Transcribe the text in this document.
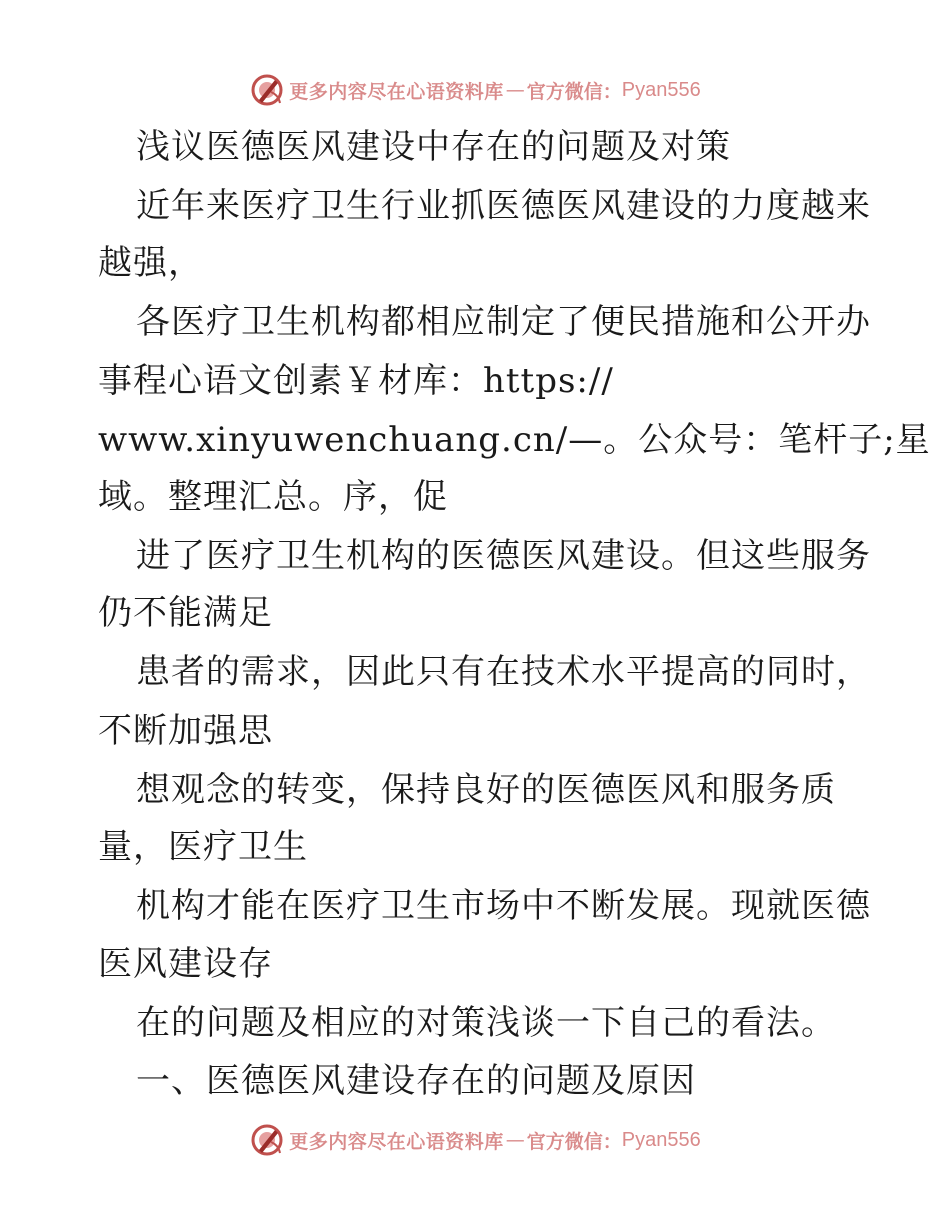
更多内容尽在心语资料库 — 官方微信： Pyan556
浅议医德医风建设中存在的问题及对策
近年来医疗卫生行业抓医德医风建设的力度越来
越强，
各医疗卫生机构都相应制定了便民措施和公开办
事程心语文创素￥材库：https://
www.xinyuwenchuang.cn/—。公众号：笔杆子;星
域。整理汇总。序，促
进了医疗卫生机构的医德医风建设。但这些服务
仍不能满足
患者的需求，因此只有在技术水平提高的同时，
不断加强思
想观念的转变，保持良好的医德医风和服务质
量，医疗卫生
机构才能在医疗卫生市场中不断发展。现就医德
医风建设存
在的问题及相应的对策浅谈一下自己的看法。
一、医德医风建设存在的问题及原因
更多内容尽在心语资料库 — 官方微信： Pyan556
